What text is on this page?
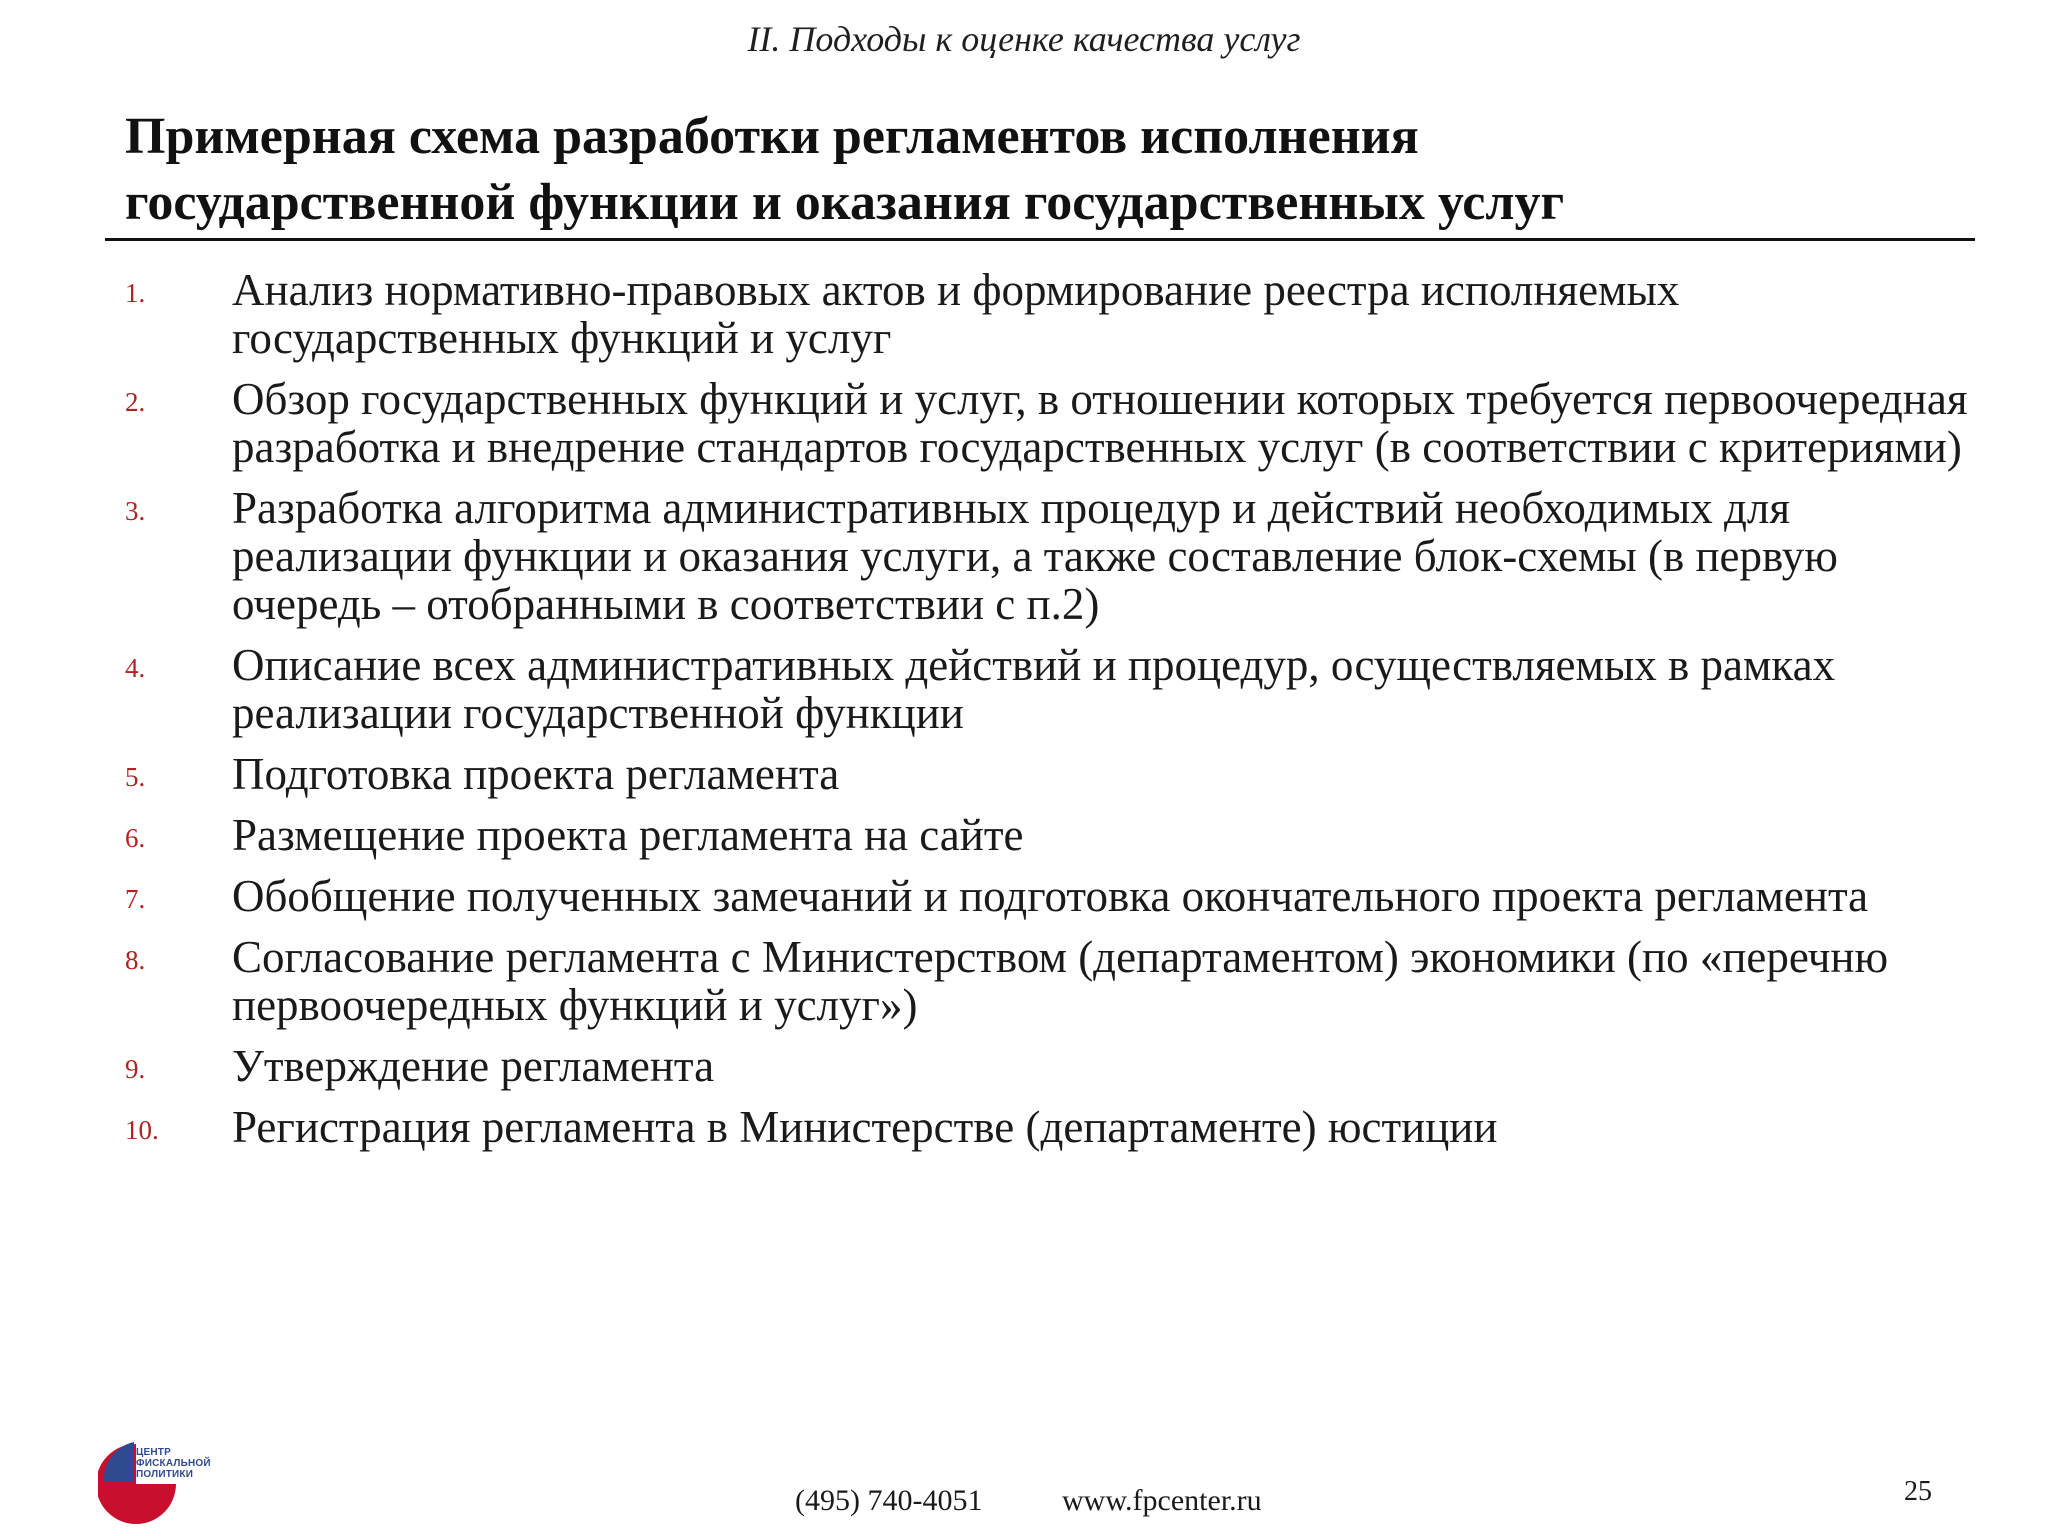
II. Подходы к оценке качества услуг
Примерная схема разработки регламентов исполнения
государственной функции и оказания государственных услуг
1. Анализ нормативно-правовых актов и формирование реестра исполняемых государственных функций и услуг
2. Обзор государственных функций и услуг, в отношении которых требуется первоочередная разработка и внедрение стандартов государственных услуг (в соответствии с критериями)
3. Разработка алгоритма административных процедур и действий необходимых для реализации функции и оказания услуги, а также составление блок-схемы (в первую очередь – отобранными в соответствии с п.2)
4. Описание всех административных действий и процедур, осуществляемых в рамках реализации государственной функции
5. Подготовка проекта регламента
6. Размещение проекта регламента на сайте
7. Обобщение полученных замечаний и подготовка окончательного проекта регламента
8. Согласование регламента с Министерством (департаментом) экономики (по «перечню первоочередных функций и услуг»)
9. Утверждение регламента
10. Регистрация регламента в Министерстве (департаменте) юстиции
ЦЕНТР
ФИСКАЛЬНОЙ
ПОЛИТИКИ
(495) 740-4051	www.fpcenter.ru	25
